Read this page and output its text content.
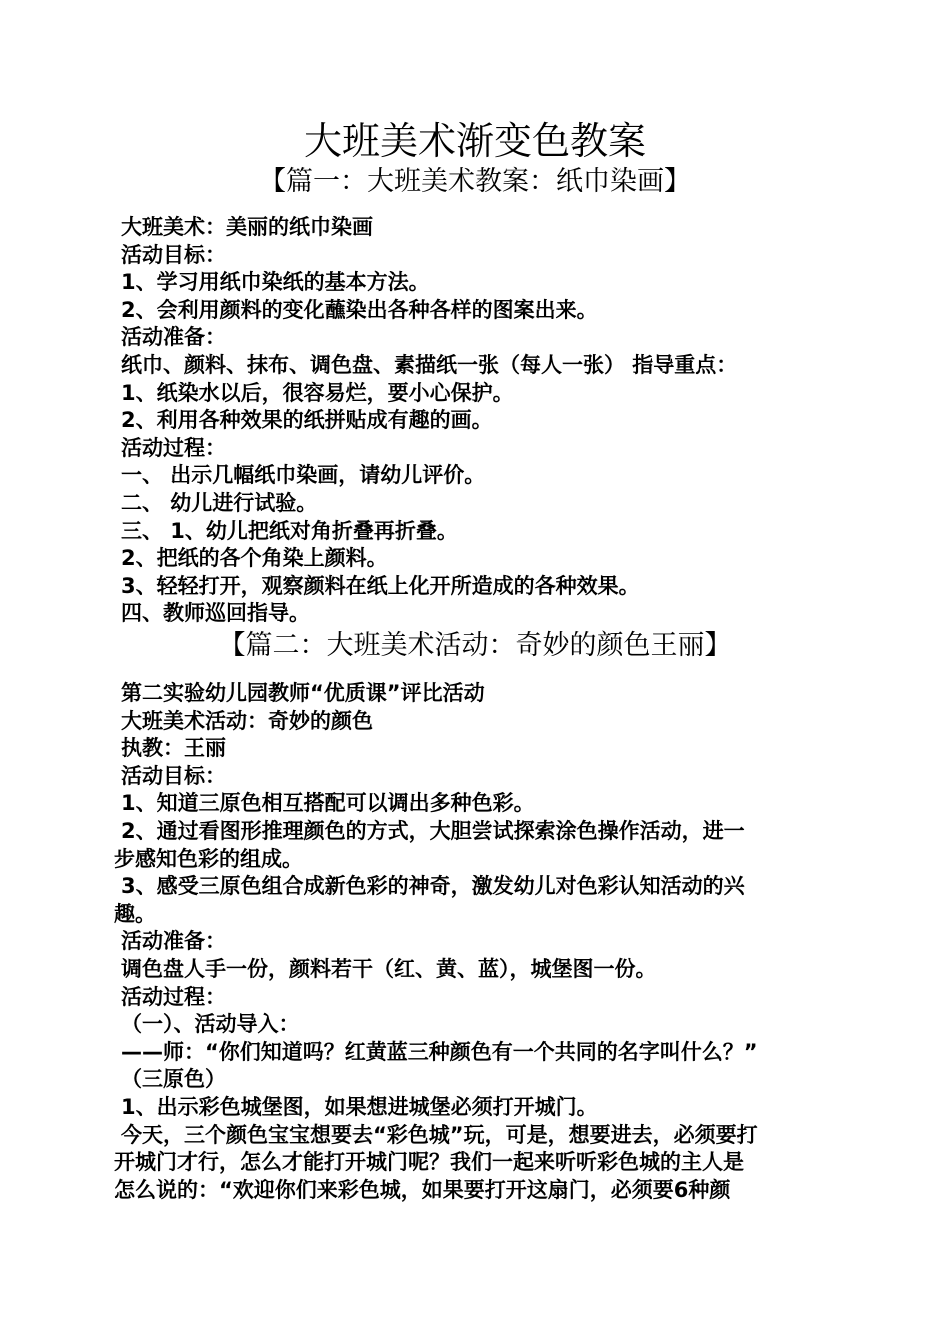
大班美术渐变色教案
【篇一：大班美术教案：纸巾染画】
大班美术：美丽的纸巾染画
活动目标：
1、学习用纸巾染纸的基本方法。
2、会利用颜料的变化蘸染出各种各样的图案出来。
活动准备：
纸巾、颜料、抹布、调色盘、素描纸一张（每人一张） 指导重点：
1、纸染水以后，很容易烂，要小心保护。
2、利用各种效果的纸拼贴成有趣的画。
活动过程：
一、 出示几幅纸巾染画，请幼儿评价。
二、 幼儿进行试验。
三、 1、幼儿把纸对角折叠再折叠。
2、把纸的各个角染上颜料。
3、轻轻打开，观察颜料在纸上化开所造成的各种效果。
四、教师巡回指导。
【篇二：大班美术活动：奇妙的颜色王丽】
第二实验幼儿园教师“优质课”评比活动
大班美术活动：奇妙的颜色
执教：王丽
活动目标：
1、知道三原色相互搭配可以调出多种色彩。
2、通过看图形推理颜色的方式，大胆尝试探索涂色操作活动，进一
步感知色彩的组成。
3、感受三原色组合成新色彩的神奇，激发幼儿对色彩认知活动的兴
趣。
活动准备：
调色盘人手一份，颜料若干（红、黄、蓝），城堡图一份。
活动过程：
（一）、活动导入：
——师：“你们知道吗？红黄蓝三种颜色有一个共同的名字叫什么？”
（三原色）
1、出示彩色城堡图，如果想进城堡必须打开城门。
今天，三个颜色宝宝想要去“彩色城”玩，可是，想要进去，必须要打
开城门才行，怎么才能打开城门呢？我们一起来听听彩色城的主人是
怎么说的：“欢迎你们来彩色城，如果要打开这扇门，必须要6种颜
